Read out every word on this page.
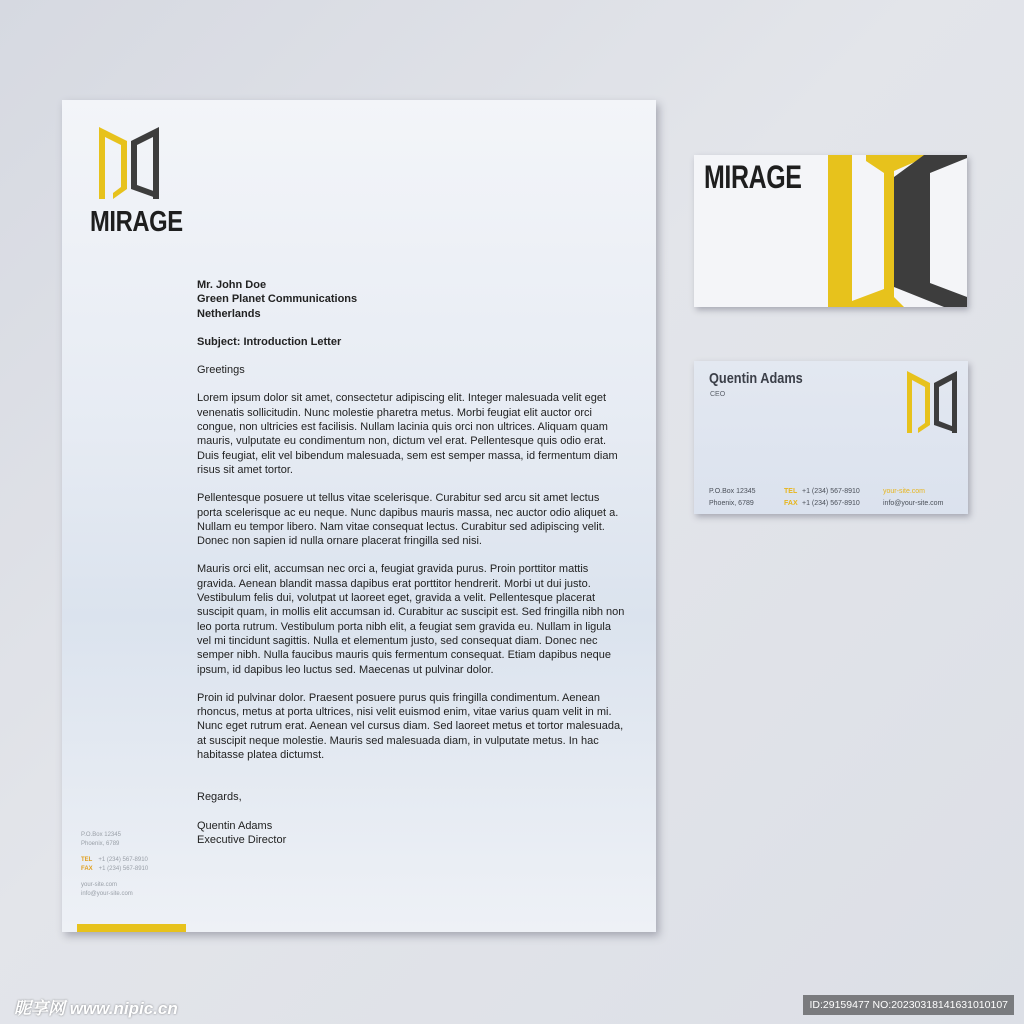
MIRAGE
Mr. John Doe
Green Planet Communications
Netherlands

Subject: Introduction Letter

Greetings

Lorem ipsum dolor sit amet, consectetur adipiscing elit. Integer malesuada velit eget venenatis sollicitudin. Nunc molestie pharetra metus. Morbi feugiat elit auctor orci congue, non ultricies est facilisis. Nullam lacinia quis orci non ultrices. Aliquam quam mauris, vulputate eu condimentum non, dictum vel erat. Pellentesque quis odio erat. Duis feugiat, elit vel bibendum malesuada, sem est semper massa, id fermentum diam risus sit amet tortor.

Pellentesque posuere ut tellus vitae scelerisque. Curabitur sed arcu sit amet lectus porta scelerisque ac eu neque. Nunc dapibus mauris massa, nec auctor odio aliquet a. Nullam eu tempor libero. Nam vitae consequat lectus. Curabitur sed adipiscing velit. Donec non sapien id nulla ornare placerat fringilla sed nisi.

Mauris orci elit, accumsan nec orci a, feugiat gravida purus. Proin porttitor mattis gravida. Aenean blandit massa dapibus erat porttitor hendrerit. Morbi ut dui justo. Vestibulum felis dui, volutpat ut laoreet eget, gravida a velit. Pellentesque placerat suscipit quam, in mollis elit accumsan id. Curabitur ac suscipit est. Sed fringilla nibh non leo porta rutrum. Vestibulum porta nibh elit, a feugiat sem gravida eu. Nullam in ligula vel mi tincidunt sagittis. Nulla et elementum justo, sed consequat diam. Donec nec semper nibh. Nulla faucibus mauris quis fermentum consequat. Etiam dapibus neque ipsum, id dapibus leo luctus sed. Maecenas ut pulvinar dolor.

Proin id pulvinar dolor. Praesent posuere purus quis fringilla condimentum. Aenean rhoncus, metus at porta ultrices, nisi velit euismod enim, vitae varius quam velit in mi. Nunc eget rutrum erat. Aenean vel cursus diam. Sed laoreet metus et tortor malesuada, at suscipit neque molestie. Mauris sed malesuada diam, in vulputate metus. In hac habitasse platea dictumst.

Regards,

Quentin Adams
Executive Director
P.O.Box 12345
Phoenix, 6789
TEL +1 (234) 567-8910
FAX +1 (234) 567-8910
your-site.com
info@your-site.com
MIRAGE
Quentin Adams
CEO
P.O.Box 12345
Phoenix, 6789
TEL +1 (234) 567-8910
FAX +1 (234) 567-8910
your-site.com
info@your-site.com
昵享网 www.nipic.cn	ID:29159477 NO:20230318141631010107
